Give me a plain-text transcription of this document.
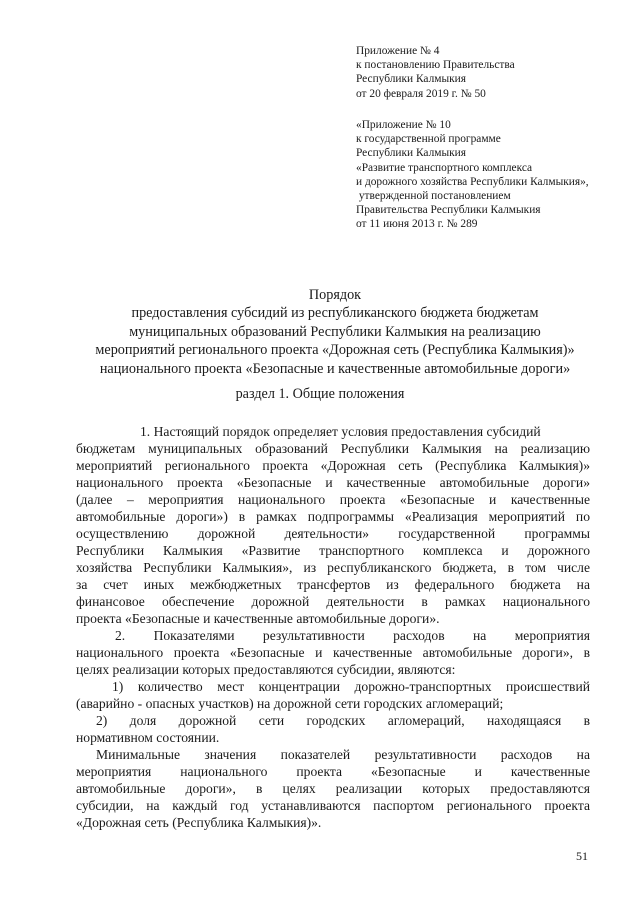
Приложение № 4
к постановлению Правительства
Республики Калмыкия
от 20 февраля 2019 г. № 50
«Приложение № 10
к государственной программе
Республики Калмыкия
«Развитие транспортного комплекса
и дорожного хозяйства Республики Калмыкия»,
утвержденной постановлением
Правительства Республики Калмыкия
от 11 июня 2013 г. № 289
Порядок
предоставления субсидий из республиканского бюджета бюджетам
муниципальных образований Республики Калмыкия на реализацию
мероприятий регионального проекта «Дорожная сеть (Республика Калмыкия)»
национального проекта «Безопасные и качественные автомобильные дороги»
раздел 1. Общие положения
1. Настоящий порядок определяет условия предоставления субсидий
бюджетам муниципальных образований Республики Калмыкия на реализацию
мероприятий регионального проекта «Дорожная сеть (Республика Калмыкия)»
национального проекта «Безопасные и качественные автомобильные дороги»
(далее – мероприятия национального проекта «Безопасные и качественные
автомобильные дороги») в рамках подпрограммы «Реализация мероприятий по
осуществлению дорожной деятельности» государственной программы
Республики Калмыкия «Развитие транспортного комплекса и дорожного
хозяйства Республики Калмыкия», из республиканского бюджета, в том числе
за счет иных межбюджетных трансфертов из федерального бюджета на
финансовое обеспечение дорожной деятельности в рамках национального
проекта «Безопасные и качественные автомобильные дороги».
2. Показателями результативности расходов на мероприятия
национального проекта «Безопасные и качественные автомобильные дороги», в
целях реализации которых предоставляются субсидии, являются:
1) количество мест концентрации дорожно-транспортных происшествий
(аварийно - опасных участков) на дорожной сети городских агломераций;
2) доля дорожной сети городских агломераций, находящаяся в
нормативном состоянии.
Минимальные значения показателей результативности расходов на
мероприятия национального проекта «Безопасные и качественные
автомобильные дороги», в целях реализации которых предоставляются
субсидии, на каждый год устанавливаются паспортом регионального проекта
«Дорожная сеть (Республика Калмыкия)».
51
